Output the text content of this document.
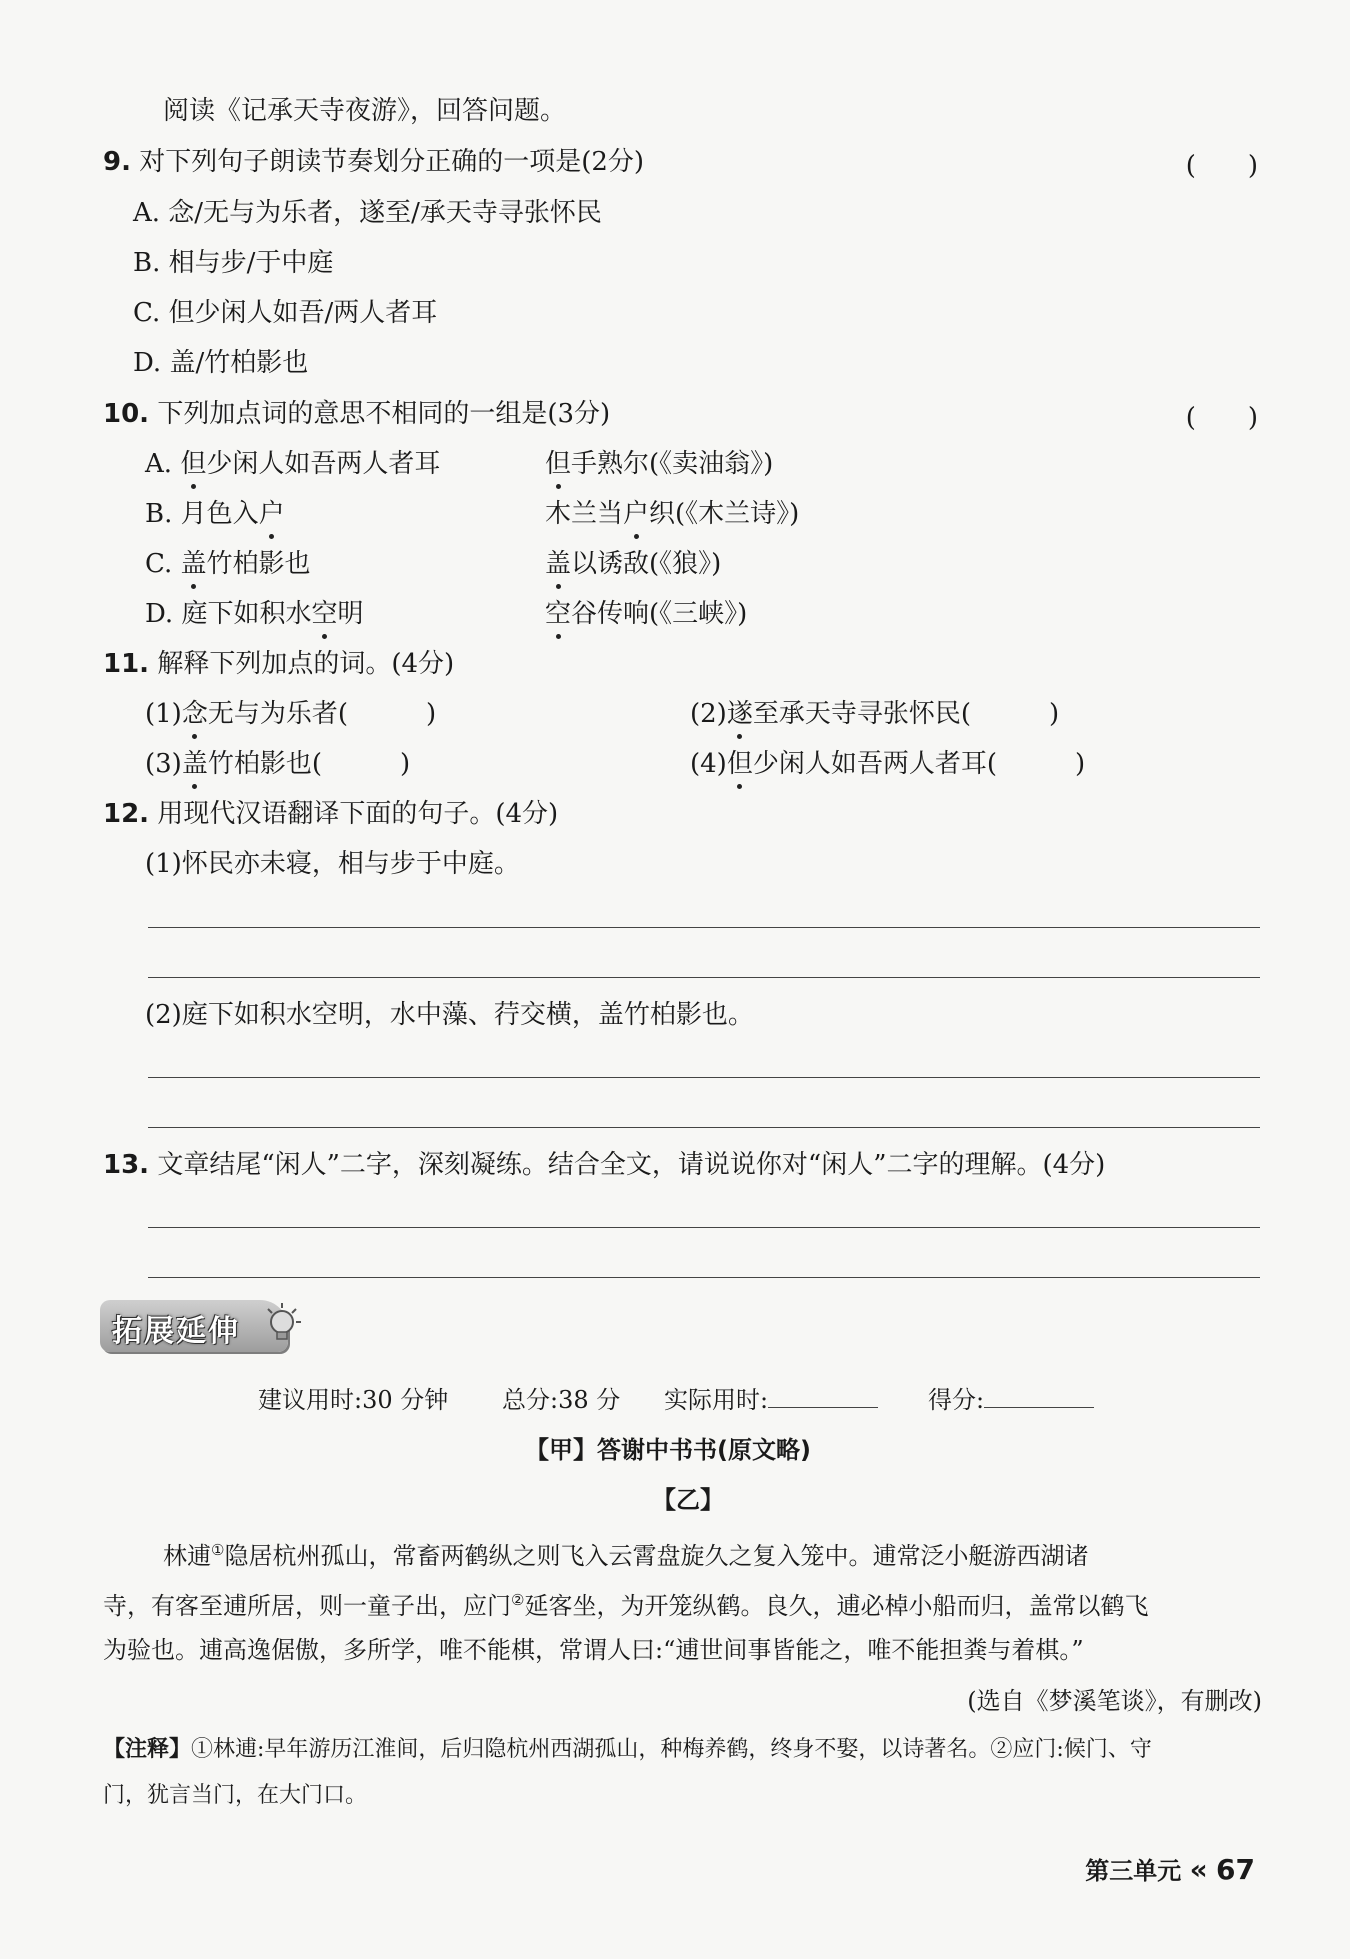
阅读《记承天寺夜游》，回答问题。
9. 对下列句子朗读节奏划分正确的一项是(2分)	(　　)
A. 念/无与为乐者，遂至/承天寺寻张怀民
B. 相与步/于中庭
C. 但少闲人如吾/两人者耳
D. 盖/竹柏影也
10. 下列加点词的意思不相同的一组是(3分)	(　　)
A. 但少闲人如吾两人者耳	但手熟尔(《卖油翁》)
B. 月色入户	木兰当户织(《木兰诗》)
C. 盖竹柏影也	盖以诱敌(《狼》)
D. 庭下如积水空明	空谷传响(《三峡》)
11. 解释下列加点的词。(4分)
(1)念无与为乐者(　　　)	(2)遂至承天寺寻张怀民(　　　)
(3)盖竹柏影也(　　　)	(4)但少闲人如吾两人者耳(　　　)
12. 用现代汉语翻译下面的句子。(4分)
(1)怀民亦未寝，相与步于中庭。
(2)庭下如积水空明，水中藻、荇交横，盖竹柏影也。
13. 文章结尾“闲人”二字，深刻凝练。结合全文，请说说你对“闲人”二字的理解。(4分)
拓展延伸
建议用时:30 分钟 总分:38 分 实际用时:	得分:
【甲】答谢中书书(原文略)
【乙】
林逋①隐居杭州孤山，常畜两鹤纵之则飞入云霄盘旋久之复入笼中。逋常泛小艇游西湖诸
寺，有客至逋所居，则一童子出，应门②延客坐，为开笼纵鹤。良久，逋必棹小船而归，盖常以鹤飞
为验也。逋高逸倨傲，多所学，唯不能棋，常谓人曰:“逋世间事皆能之，唯不能担粪与着棋。”
(选自《梦溪笔谈》，有删改)
【注释】①林逋:早年游历江淮间，后归隐杭州西湖孤山，种梅养鹤，终身不娶，以诗著名。②应门:候门、守
门，犹言当门，在大门口。
第三单元 « 67
